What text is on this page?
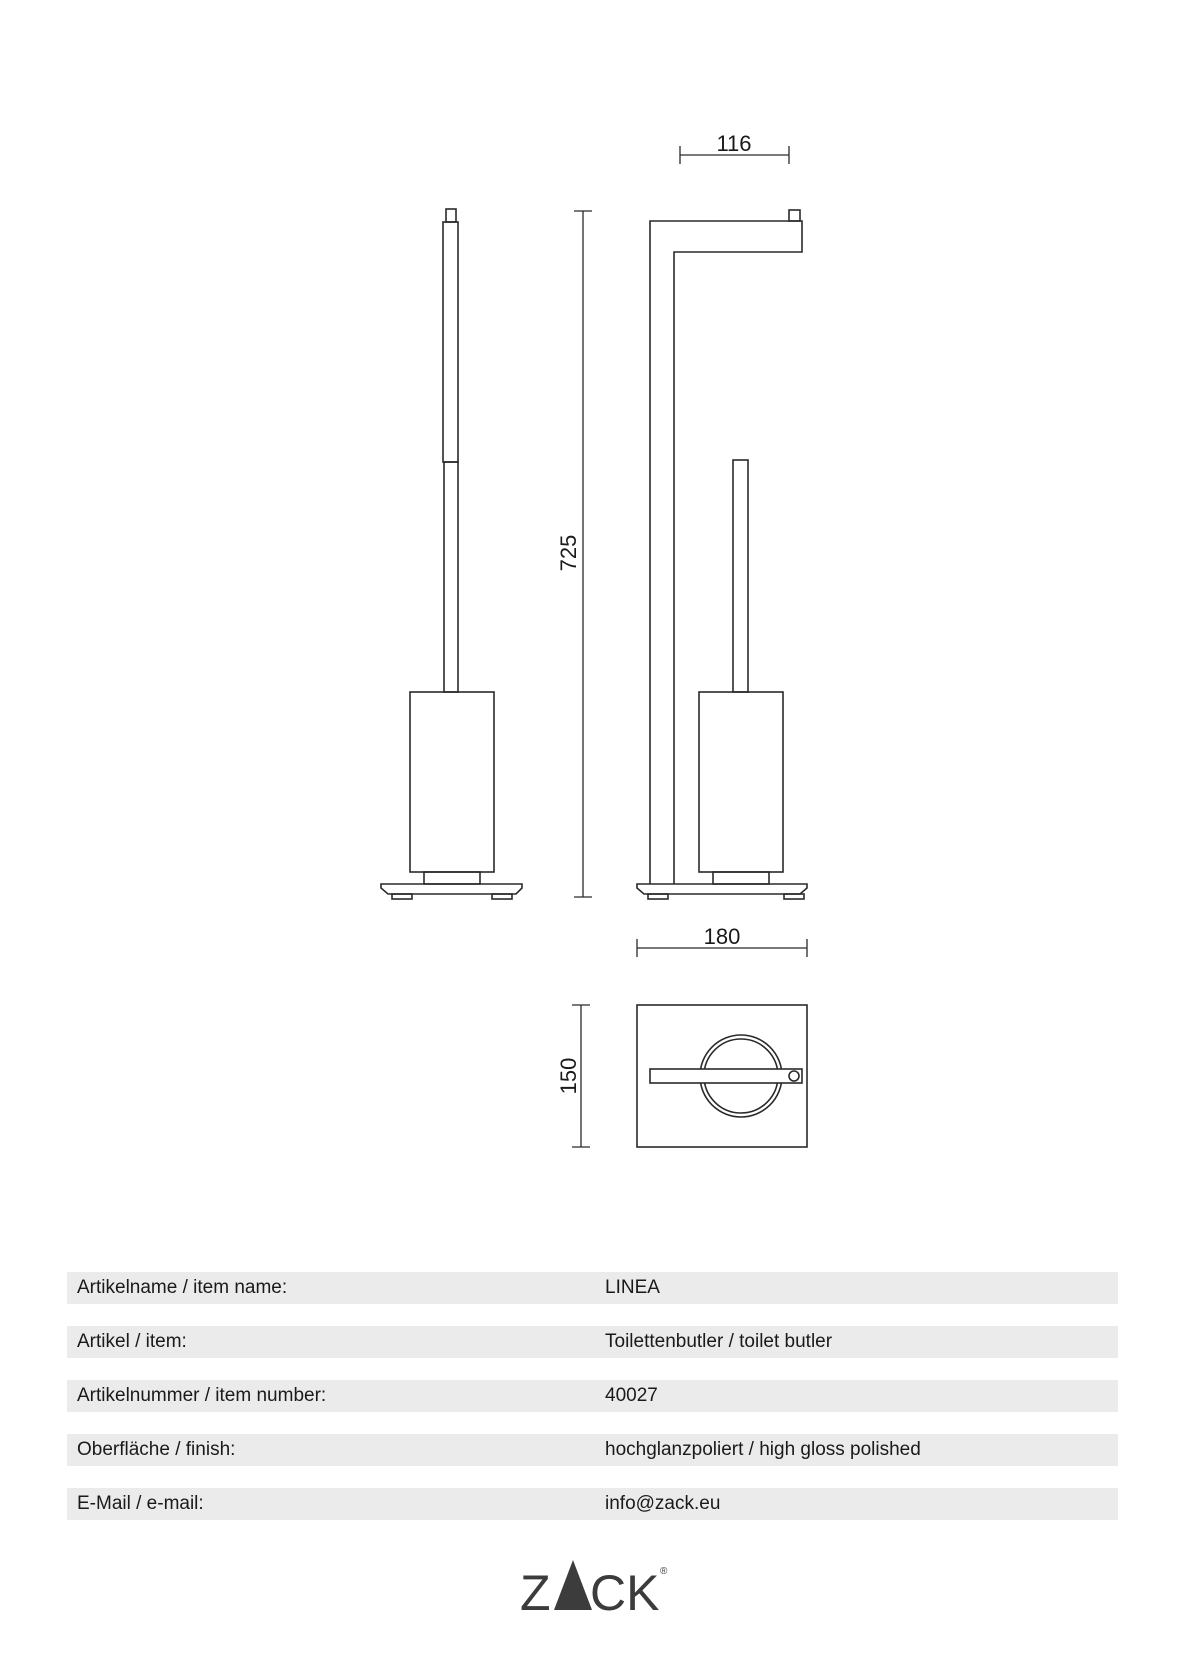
725
116
180
150
Artikelname / item name:	LINEA
Artikel / item:	Toilettenbutler / toilet butler
Artikelnummer / item number:	40027
Oberfläche / finish:	hochglanzpoliert / high gloss polished
E-Mail / e-mail:	info@zack.eu
Z CK ®
